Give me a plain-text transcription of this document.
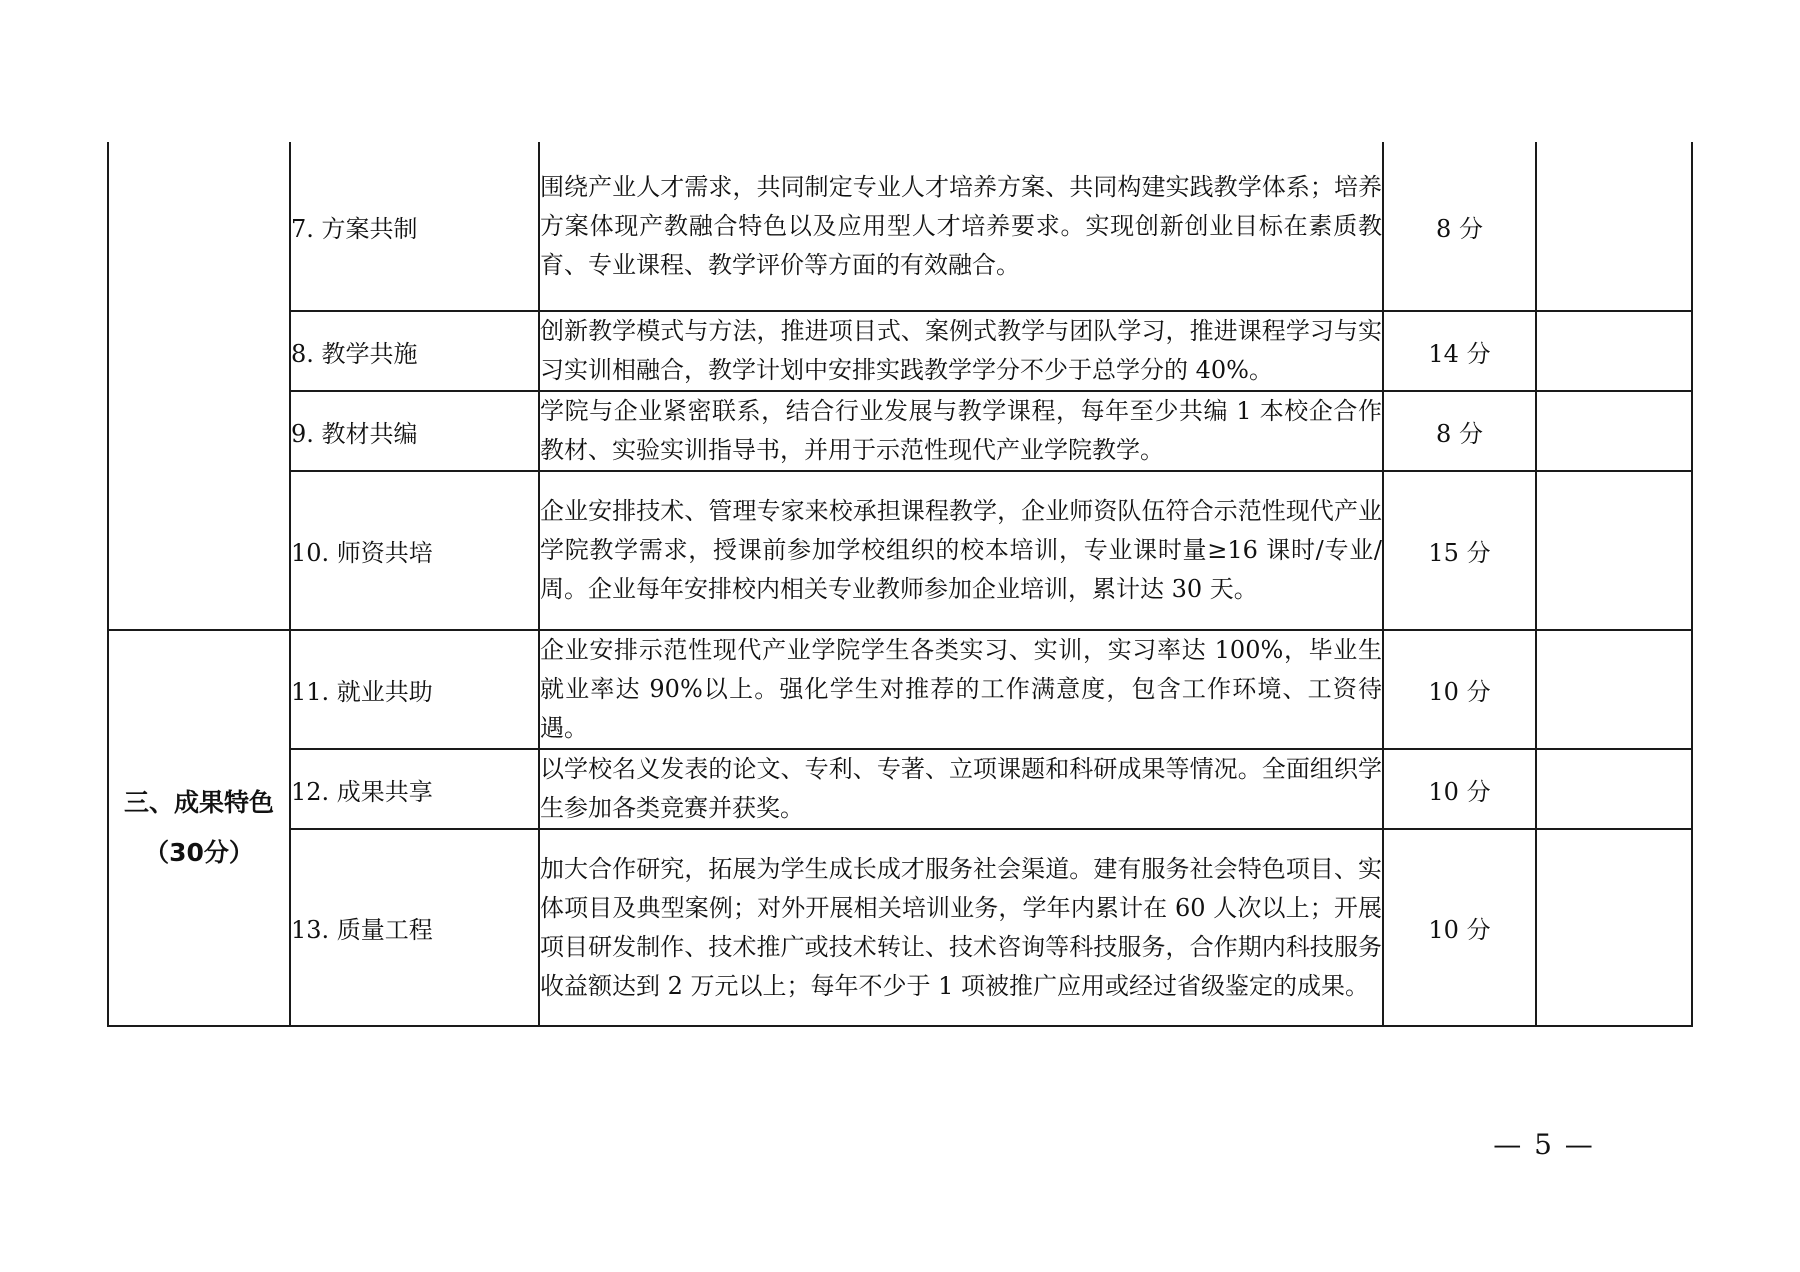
	7. 方案共制	围绕产业人才需求，共同制定专业人才培养方案、共同构建实践教学体系；培养方案体现产教融合特色以及应用型人才培养要求。实现创新创业目标在素质教育、专业课程、教学评价等方面的有效融合。	8 分	
	8. 教学共施	创新教学模式与方法，推进项目式、案例式教学与团队学习，推进课程学习与实习实训相融合，教学计划中安排实践教学学分不少于总学分的 40%。	14 分	
	9. 教材共编	学院与企业紧密联系，结合行业发展与教学课程，每年至少共编 1 本校企合作教材、实验实训指导书，并用于示范性现代产业学院教学。	8 分	
	10. 师资共培	企业安排技术、管理专家来校承担课程教学，企业师资队伍符合示范性现代产业学院教学需求，授课前参加学校组织的校本培训，专业课时量≥16 课时/专业/周。企业每年安排校内相关专业教师参加企业培训，累计达 30 天。	15 分	

三、成果特色
（30分）	11. 就业共助	企业安排示范性现代产业学院学生各类实习、实训，实习率达 100%，毕业生就业率达 90%以上。强化学生对推荐的工作满意度，包含工作环境、工资待遇。	10 分	
	12. 成果共享	以学校名义发表的论文、专利、专著、立项课题和科研成果等情况。全面组织学生参加各类竞赛并获奖。	10 分	
	13. 质量工程	加大合作研究，拓展为学生成长成才服务社会渠道。建有服务社会特色项目、实体项目及典型案例；对外开展相关培训业务，学年内累计在 60 人次以上；开展项目研发制作、技术推广或技术转让、技术咨询等科技服务，合作期内科技服务收益额达到 2 万元以上；每年不少于 1 项被推广应用或经过省级鉴定的成果。	10 分	
— 5 —
